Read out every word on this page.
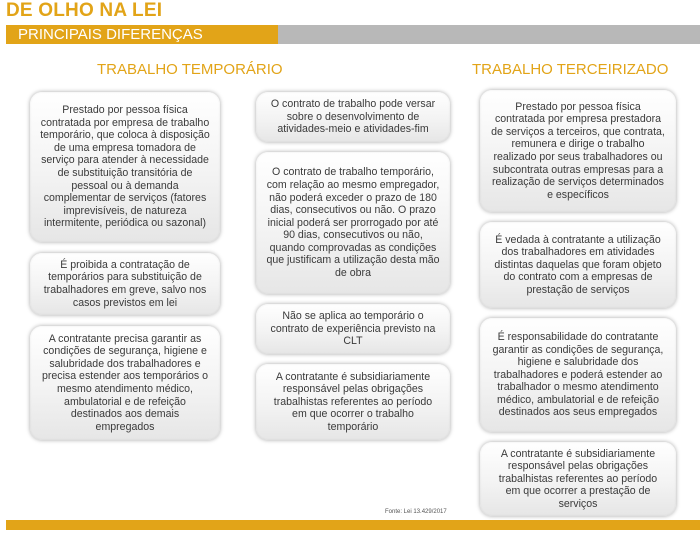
DE OLHO NA LEI
PRINCIPAIS DIFERENÇAS
TRABALHO TEMPORÁRIO	TRABALHO TERCEIRIZADO
Prestado por pessoa física contratada por empresa de trabalho temporário, que coloca à disposição de uma empresa tomadora de serviço para atender à necessidade de substituição transitória de pessoal ou à demanda complementar de serviços (fatores imprevisíveis, de natureza intermitente, periódica ou sazonal)
É proibida a contratação de temporários para substituição de trabalhadores em greve, salvo nos casos previstos em lei
A contratante precisa garantir as condições de segurança, higiene e salubridade dos trabalhadores e precisa estender aos temporários o mesmo atendimento médico, ambulatorial e de refeição destinados aos demais empregados
O contrato de trabalho pode versar sobre o desenvolvimento de atividades-meio e atividades-fim
O contrato de trabalho temporário, com relação ao mesmo empregador, não poderá exceder o prazo de 180 dias, consecutivos ou não. O prazo inicial poderá ser prorrogado por até 90 dias, consecutivos ou não, quando comprovadas as condições que justificam a utilização desta mão de obra
Não se aplica ao temporário o contrato de experiência previsto na CLT
A contratante é subsidiariamente responsável pelas obrigações trabalhistas referentes ao período em que ocorrer o trabalho temporário
Prestado por pessoa física contratada por empresa prestadora de serviços a terceiros, que contrata, remunera e dirige o trabalho realizado por seus trabalhadores ou subcontrata outras empresas para a realização de serviços determinados e específicos
É vedada à contratante a utilização dos trabalhadores em atividades distintas daquelas que foram objeto do contrato com a empresas de prestação de serviços
É responsabilidade do contratante garantir as condições de segurança, higiene e salubridade dos trabalhadores e poderá estender ao trabalhador o mesmo atendimento médico, ambulatorial e de refeição destinados aos seus empregados
A contratante é subsidiariamente responsável pelas obrigações trabalhistas referentes ao período em que ocorrer a prestação de serviços
Fonte: Lei 13.429/2017
